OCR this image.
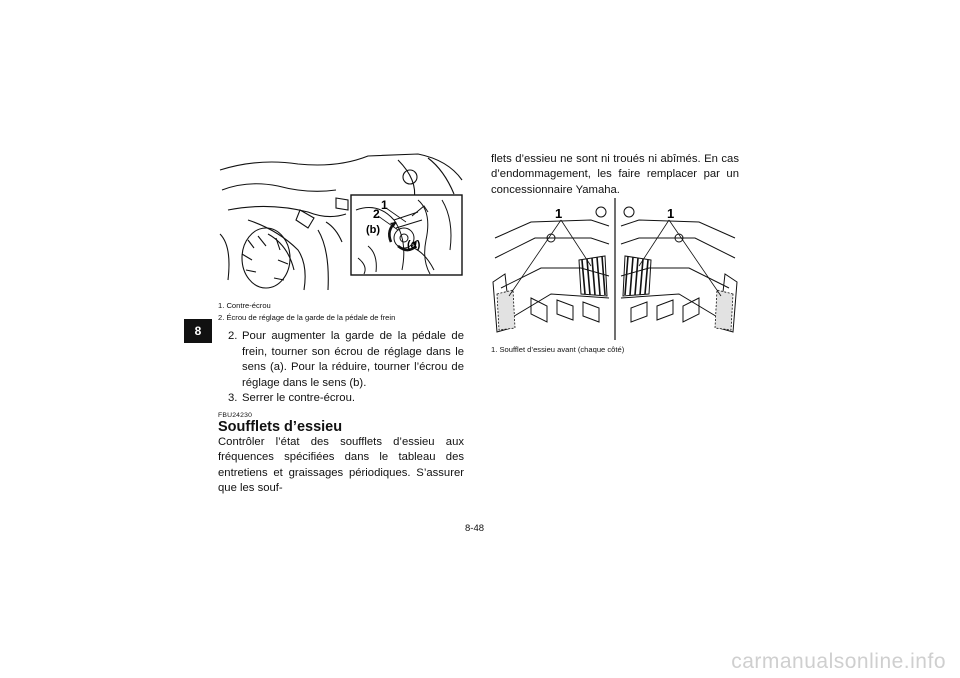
8
1
2
(b)
(a)
1. Contre-écrou
2. Écrou de réglage de la garde de la pédale de frein
2. Pour augmenter la garde de la pédale de frein, tourner son écrou de réglage dans le sens (a). Pour la réduire, tourner l’écrou de réglage dans le sens (b).
3. Serrer le contre-écrou.
FBU24230
Soufflets d’essieu
Contrôler l’état des soufflets d’essieu aux fréquences spécifiées dans le tableau des entretiens et graissages périodiques. S’assurer que les souf-
flets d’essieu ne sont ni troués ni abîmés. En cas d’endommagement, les faire remplacer par un concessionnaire Yamaha.
1	1
1. Soufflet d’essieu avant (chaque côté)
8-48
carmanualsonline.info
